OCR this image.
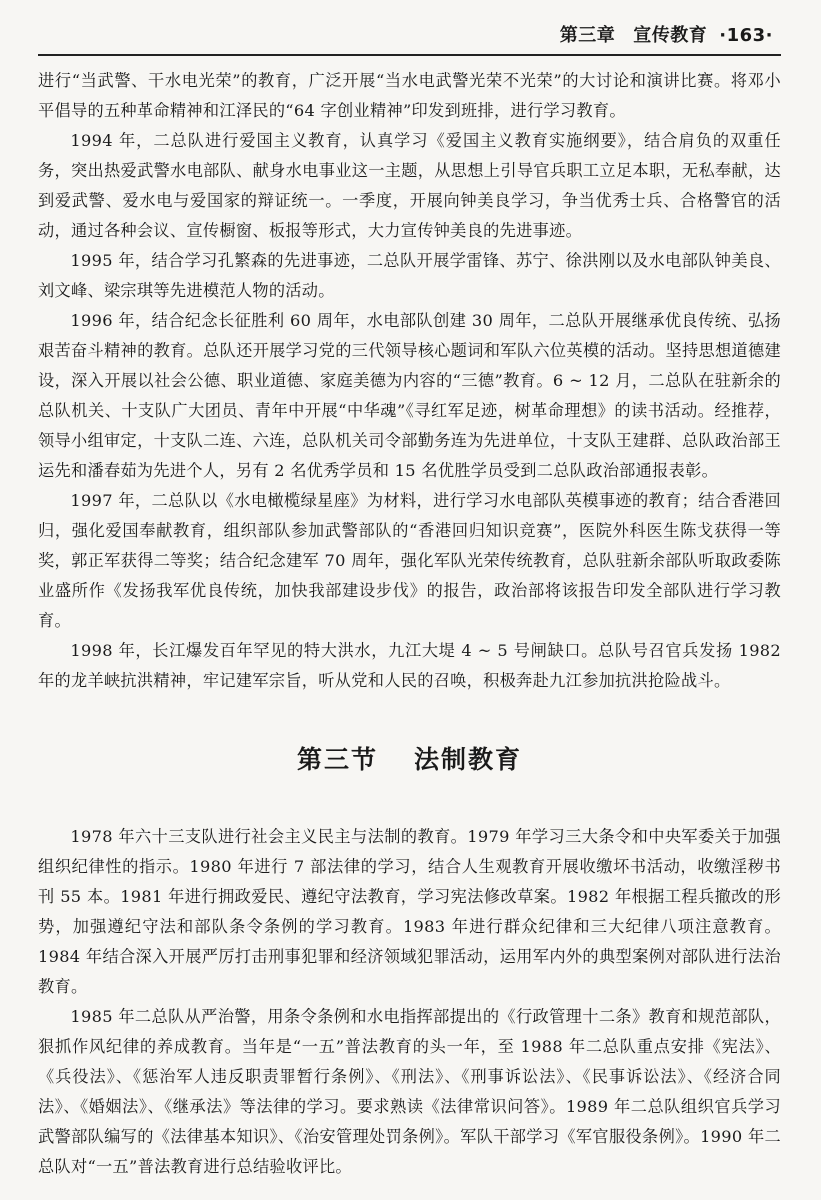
第三章 宣传教育 ·163·

进行“当武警、干水电光荣”的教育，广泛开展“当水电武警光荣不光荣”的大讨论和演讲比赛。将邓小平倡导的五种革命精神和江泽民的“64 字创业精神”印发到班排，进行学习教育。

1994 年，二总队进行爱国主义教育，认真学习《爱国主义教育实施纲要》，结合肩负的双重任务，突出热爱武警水电部队、献身水电事业这一主题，从思想上引导官兵职工立足本职，无私奉献，达到爱武警、爱水电与爱国家的辩证统一。一季度，开展向钟美良学习，争当优秀士兵、合格警官的活动，通过各种会议、宣传橱窗、板报等形式，大力宣传钟美良的先进事迹。

1995 年，结合学习孔繁森的先进事迹，二总队开展学雷锋、苏宁、徐洪刚以及水电部队钟美良、刘文峰、梁宗琪等先进模范人物的活动。

1996 年，结合纪念长征胜利 60 周年，水电部队创建 30 周年，二总队开展继承优良传统、弘扬艰苦奋斗精神的教育。总队还开展学习党的三代领导核心题词和军队六位英模的活动。坚持思想道德建设，深入开展以社会公德、职业道德、家庭美德为内容的“三德”教育。6 ~ 12 月，二总队在驻新余的总队机关、十支队广大团员、青年中开展“中华魂”《寻红军足迹，树革命理想》的读书活动。经推荐，领导小组审定，十支队二连、六连，总队机关司令部勤务连为先进单位，十支队王建群、总队政治部王运先和潘春茹为先进个人，另有 2 名优秀学员和 15 名优胜学员受到二总队政治部通报表彰。

1997 年，二总队以《水电橄榄绿星座》为材料，进行学习水电部队英模事迹的教育；结合香港回归，强化爱国奉献教育，组织部队参加武警部队的“香港回归知识竞赛”，医院外科医生陈戈获得一等奖，郭正军获得二等奖；结合纪念建军 70 周年，强化军队光荣传统教育，总队驻新余部队听取政委陈业盛所作《发扬我军优良传统，加快我部建设步伐》的报告，政治部将该报告印发全部队进行学习教育。

1998 年，长江爆发百年罕见的特大洪水，九江大堤 4 ~ 5 号闸缺口。总队号召官兵发扬 1982 年的龙羊峡抗洪精神，牢记建军宗旨，听从党和人民的召唤，积极奔赴九江参加抗洪抢险战斗。

第三节 法制教育

1978 年六十三支队进行社会主义民主与法制的教育。1979 年学习三大条令和中央军委关于加强组织纪律性的指示。1980 年进行 7 部法律的学习，结合人生观教育开展收缴坏书活动，收缴淫秽书刊 55 本。1981 年进行拥政爱民、遵纪守法教育，学习宪法修改草案。1982 年根据工程兵撤改的形势，加强遵纪守法和部队条令条例的学习教育。1983 年进行群众纪律和三大纪律八项注意教育。1984 年结合深入开展严厉打击刑事犯罪和经济领域犯罪活动，运用军内外的典型案例对部队进行法治教育。

1985 年二总队从严治警，用条令条例和水电指挥部提出的《行政管理十二条》教育和规范部队，狠抓作风纪律的养成教育。当年是“一五”普法教育的头一年，至 1988 年二总队重点安排《宪法》、《兵役法》、《惩治军人违反职责罪暂行条例》、《刑法》、《刑事诉讼法》、《民事诉讼法》、《经济合同法》、《婚姻法》、《继承法》等法律的学习。要求熟读《法律常识问答》。1989 年二总队组织官兵学习武警部队编写的《法律基本知识》、《治安管理处罚条例》。军队干部学习《军官服役条例》。1990 年二总队对“一五”普法教育进行总结验收评比。
